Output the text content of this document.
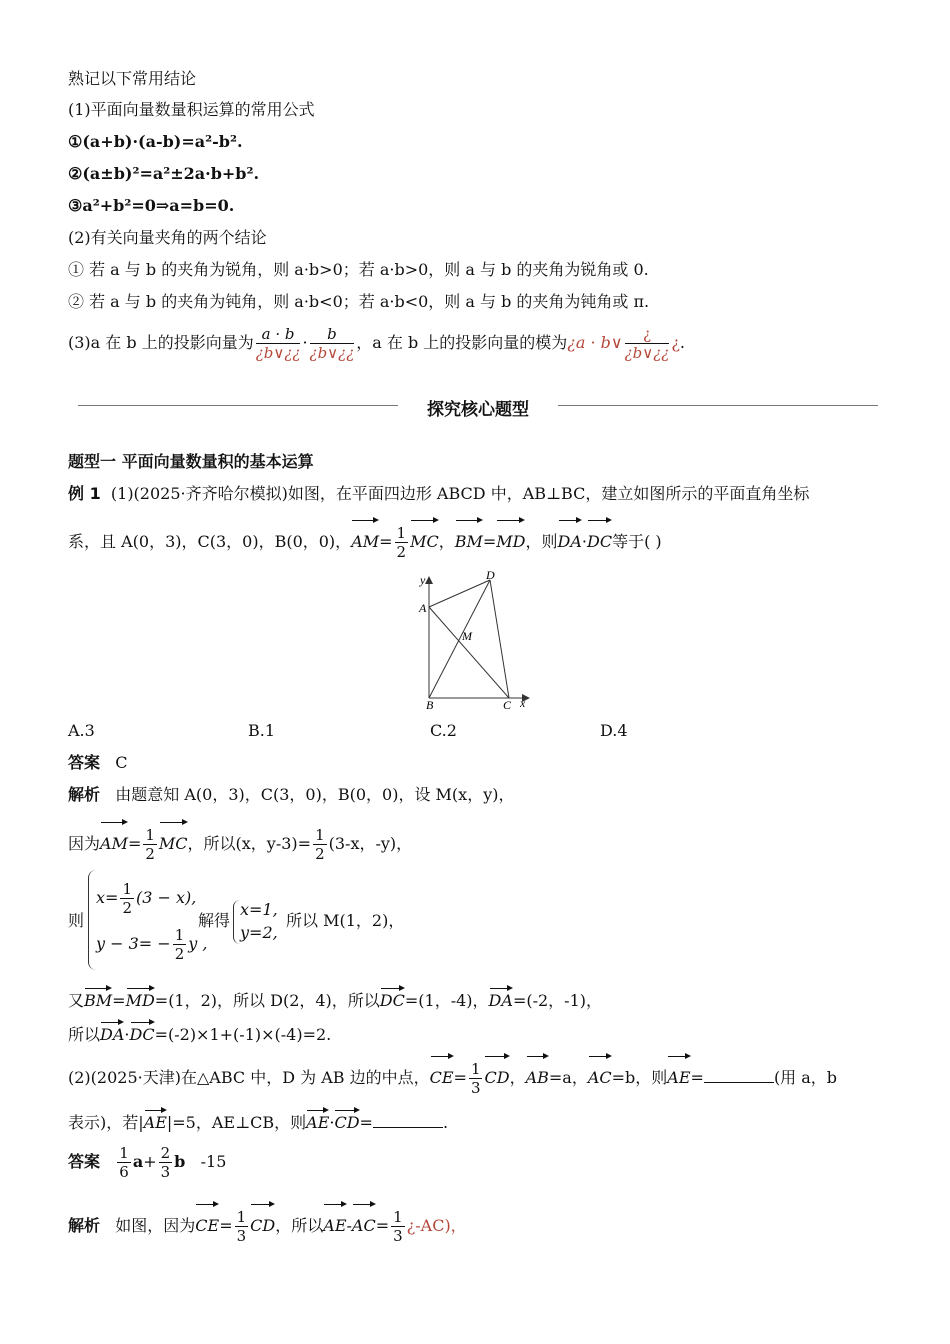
熟记以下常用结论
(1)平面向量数量积运算的常用公式
①(a+b)·(a-b)=a²-b².
②(a±b)²=a²±2a·b+b².
③a²+b²=0⇒a=b=0.
(2)有关向量夹角的两个结论
① 若 a 与 b 的夹角为锐角，则 a·b>0；若 a·b>0，则 a 与 b 的夹角为锐角或 0.
② 若 a 与 b 的夹角为钝角，则 a·b<0；若 a·b<0，则 a 与 b 的夹角为钝角或 π.
(3)a 在 b 上的投影向量为 $\frac{a \cdot b}{¿b\vee¿¿} \cdot \frac{b}{¿b\vee¿¿}$ ，a 在 b 上的投影向量的模为¿a · b∨ $\frac{¿}{¿b\vee¿¿}$ ¿.
探究核心题型
题型一 平面向量数量积的基本运算
例 1 (1)(2025·齐齐哈尔模拟)如图，在平面四边形 ABCD 中，AB⊥BC，建立如图所示的平面直角坐标
系，且 A(0，3)，C(3，0)，B(0，0)，$AM= \frac{1}{2}$ MC，BM=MD，则DA·DC等于( )
y
A
D
M
B	C x
A.3	B.1	C.2	D.4
答案 C
解析 由题意知 A(0，3)，C(3，0)，B(0，0)，设 M(x，y)，
因为$AM= \frac{1}{2}$ MC，所以(x，$y-3)= \frac{1}{2} (3-x$，-y)，
则
$x= \frac{1}{2} (3 - x)$,
$y - 3= - \frac{1}{2}$ y ,
解得
x=1,
y=2,
所以 M(1，2)，
又BM=MD=(1，2)，所以 D(2，4)，所以DC=(1，-4)，DA=(-2，-1)，
所以DA·DC=(-2)×1+(-1)×(-4)=2.
(2)(2025·天津)在△ABC 中，D 为 AB 边的中点，$CE= \frac{1}{3}$ CD，AB=a，AC=b，则AE=	(用 a，b
表示)，若|AE|=5，AE⊥CB，则AE·CD=	.
答案 $\frac{1}{6} a+ \frac{2}{3}$ b -15
解析 如图，因为$CE= \frac{1}{3}$ CD，所以$AE-AC= \frac{1}{3}$ ¿-AC)，
